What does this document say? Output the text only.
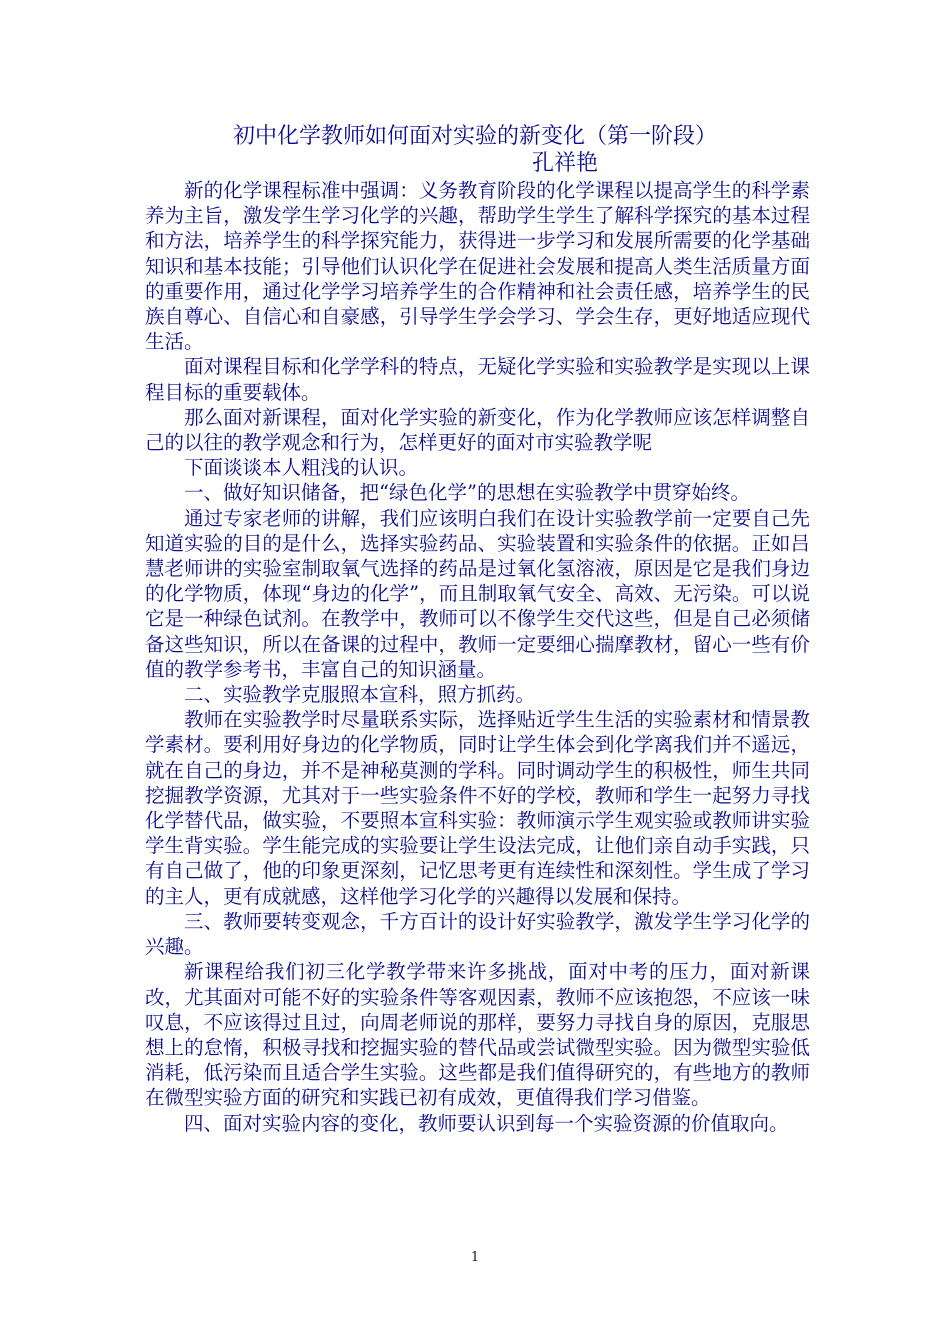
初中化学教师如何面对实验的新变化（第一阶段）
孔祥艳

新的化学课程标准中强调：义务教育阶段的化学课程以提高学生的科学素养为主旨，激发学生学习化学的兴趣，帮助学生学生了解科学探究的基本过程和方法，培养学生的科学探究能力，获得进一步学习和发展所需要的化学基础知识和基本技能；引导他们认识化学在促进社会发展和提高人类生活质量方面的重要作用，通过化学学习培养学生的合作精神和社会责任感，培养学生的民族自尊心、自信心和自豪感，引导学生学会学习、学会生存，更好地适应现代生活。

面对课程目标和化学学科的特点，无疑化学实验和实验教学是实现以上课程目标的重要载体。

那么面对新课程，面对化学实验的新变化，作为化学教师应该怎样调整自己的以往的教学观念和行为，怎样更好的面对市实验教学呢

下面谈谈本人粗浅的认识。

一、做好知识储备，把“绿色化学”的思想在实验教学中贯穿始终。

通过专家老师的讲解，我们应该明白我们在设计实验教学前一定要自己先知道实验的目的是什么，选择实验药品、实验装置和实验条件的依据。正如吕慧老师讲的实验室制取氧气选择的药品是过氧化氢溶液，原因是它是我们身边的化学物质，体现“身边的化学”，而且制取氧气安全、高效、无污染。可以说它是一种绿色试剂。在教学中，教师可以不像学生交代这些，但是自己必须储备这些知识，所以在备课的过程中，教师一定要细心揣摩教材，留心一些有价值的教学参考书，丰富自己的知识涵量。

二、实验教学克服照本宣科，照方抓药。

教师在实验教学时尽量联系实际，选择贴近学生生活的实验素材和情景教学素材。要利用好身边的化学物质，同时让学生体会到化学离我们并不遥远，就在自己的身边，并不是神秘莫测的学科。同时调动学生的积极性，师生共同挖掘教学资源，尤其对于一些实验条件不好的学校，教师和学生一起努力寻找化学替代品，做实验，不要照本宣科实验：教师演示学生观实验或教师讲实验学生背实验。学生能完成的实验要让学生设法完成，让他们亲自动手实践，只有自己做了，他的印象更深刻，记忆思考更有连续性和深刻性。学生成了学习的主人，更有成就感，这样他学习化学的兴趣得以发展和保持。

三、教师要转变观念，千方百计的设计好实验教学，激发学生学习化学的兴趣。

新课程给我们初三化学教学带来许多挑战，面对中考的压力，面对新课改，尤其面对可能不好的实验条件等客观因素，教师不应该抱怨，不应该一味叹息，不应该得过且过，向周老师说的那样，要努力寻找自身的原因，克服思想上的怠惰，积极寻找和挖掘实验的替代品或尝试微型实验。因为微型实验低消耗，低污染而且适合学生实验。这些都是我们值得研究的，有些地方的教师在微型实验方面的研究和实践已初有成效，更值得我们学习借鉴。

四、面对实验内容的变化，教师要认识到每一个实验资源的价值取向。

1
